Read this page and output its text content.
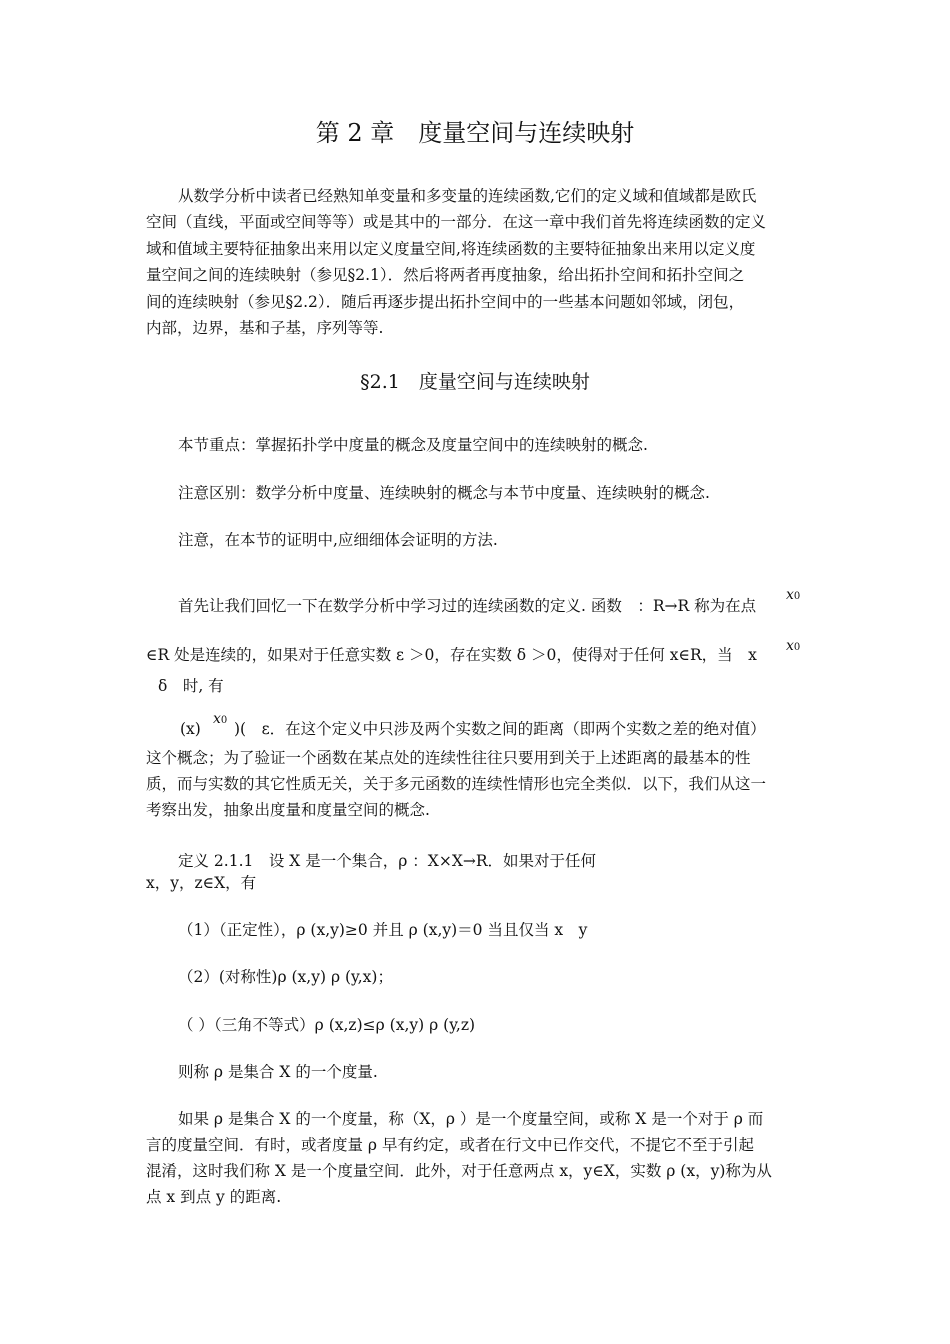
第 2 章　度量空间与连续映射
从数学分析中读者已经熟知单变量和多变量的连续函数,它们的定义域和值域都是欧氏
空间（直线，平面或空间等等）或是其中的一部分．在这一章中我们首先将连续函数的定义
域和值域主要特征抽象出来用以定义度量空间,将连续函数的主要特征抽象出来用以定义度
量空间之间的连续映射（参见§2.1）．然后将两者再度抽象，给出拓扑空间和拓扑空间之
间的连续映射（参见§2.2）．随后再逐步提出拓扑空间中的一些基本问题如邻域，闭包，
内部，边界，基和子基，序列等等.
§2.1　度量空间与连续映射
本节重点：掌握拓扑学中度量的概念及度量空间中的连续映射的概念.
注意区别：数学分析中度量、连续映射的概念与本节中度量、连续映射的概念.
注意，在本节的证明中,应细细体会证明的方法.
首先让我们回忆一下在数学分析中学习过的连续函数的定义. 函数　：R→R 称为在点
x0
∈R 处是连续的，如果对于任意实数 ε ＞0，存在实数 δ ＞0，使得对于任何 x∈R，当　x x0
δ　时, 有
(x)
x0 )(　ε．在这个定义中只涉及两个实数之间的距离（即两个实数之差的绝对值）
这个概念；为了验证一个函数在某点处的连续性往往只要用到关于上述距离的最基本的性
质，而与实数的其它性质无关，关于多元函数的连续性情形也完全类似．以下，我们从这一
考察出发，抽象出度量和度量空间的概念.
定义 2.1.1　设 X 是一个集合，ρ ：X×X→R．如果对于任何
x，y，z∈X，有
（1）（正定性），ρ (x,y)≥0 并且 ρ (x,y)＝0 当且仅当 x　y
（2）(对称性)ρ (x,y) ρ (y,x)；
（ ）（三角不等式）ρ (x,z)≤ρ (x,y) ρ (y,z)
则称 ρ 是集合 X 的一个度量.
如果 ρ 是集合 X 的一个度量，称（X，ρ ）是一个度量空间，或称 X 是一个对于 ρ 而
言的度量空间．有时，或者度量 ρ 早有约定，或者在行文中已作交代，不提它不至于引起
混淆，这时我们称 X 是一个度量空间．此外，对于任意两点 x，y∈X，实数 ρ (x，y)称为从
点 x 到点 y 的距离.
